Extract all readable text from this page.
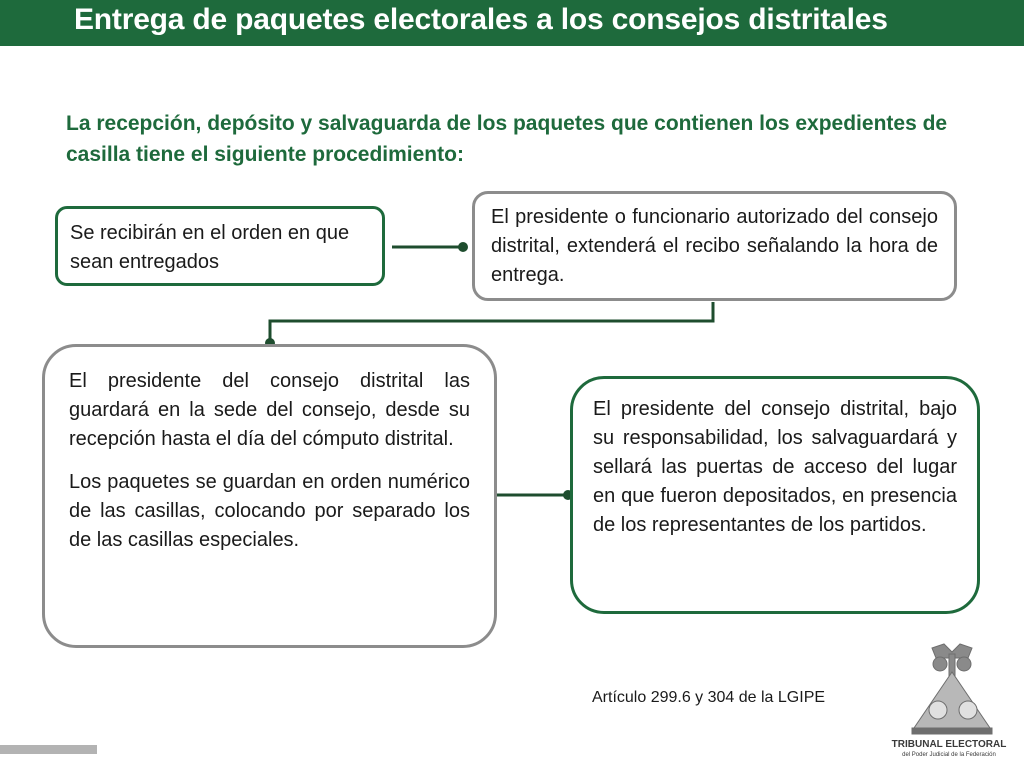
Entrega de paquetes electorales a los consejos distritales
La recepción, depósito y salvaguarda de los paquetes que contienen los expedientes de casilla tiene el siguiente procedimiento:

Se recibirán en el orden en que sean entregados

El presidente o funcionario autorizado del consejo distrital, extenderá el recibo señalando la hora de entrega.

El presidente del consejo distrital las guardará en la sede del consejo, desde su recepción hasta el día del cómputo distrital.

Los paquetes se guardan en orden numérico de las casillas, colocando por separado los de las casillas especiales.

El presidente del consejo distrital, bajo su responsabilidad, los salvaguardará y sellará las puertas de acceso del lugar en que fueron depositados, en presencia de los representantes de los partidos.

Artículo 299.6 y 304 de la LGIPE
TRIBUNAL ELECTORAL
del Poder Judicial de la Federación
